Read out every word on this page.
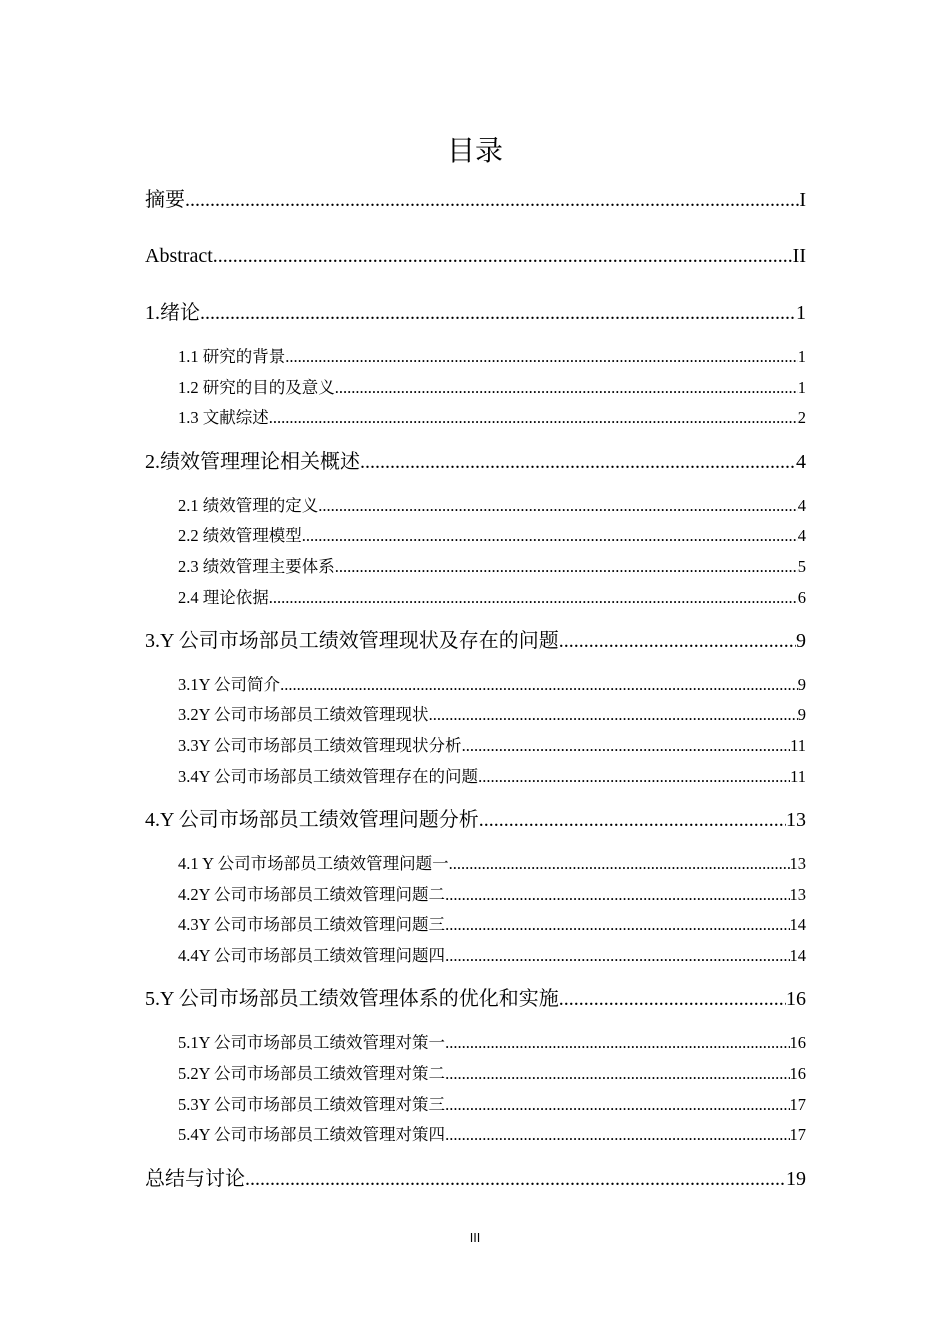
目录
摘要 .....	I
Abstract .....	II
1.绪论 .....	1
1.1 研究的背景 .....	1
1.2 研究的目的及意义 .....	1
1.3 文献综述 .....	2
2.绩效管理理论相关概述 .....	4
2.1 绩效管理的定义 .....	4
2.2 绩效管理模型 .....	4
2.3 绩效管理主要体系 .....	5
2.4 理论依据 .....	6
3.Y 公司市场部员工绩效管理现状及存在的问题 .....	9
3.1Y 公司简介 .....	9
3.2Y 公司市场部员工绩效管理现状 .....	9
3.3Y 公司市场部员工绩效管理现状分析 .....	11
3.4Y 公司市场部员工绩效管理存在的问题 .....	11
4.Y 公司市场部员工绩效管理问题分析 .....	13
4.1 Y 公司市场部员工绩效管理问题一 .....	13
4.2Y 公司市场部员工绩效管理问题二 .....	13
4.3Y 公司市场部员工绩效管理问题三 .....	14
4.4Y 公司市场部员工绩效管理问题四 .....	14
5.Y 公司市场部员工绩效管理体系的优化和实施 .....	16
5.1Y 公司市场部员工绩效管理对策一 .....	16
5.2Y 公司市场部员工绩效管理对策二 .....	16
5.3Y 公司市场部员工绩效管理对策三 .....	17
5.4Y 公司市场部员工绩效管理对策四 .....	17
总结与讨论 .....	19
III
